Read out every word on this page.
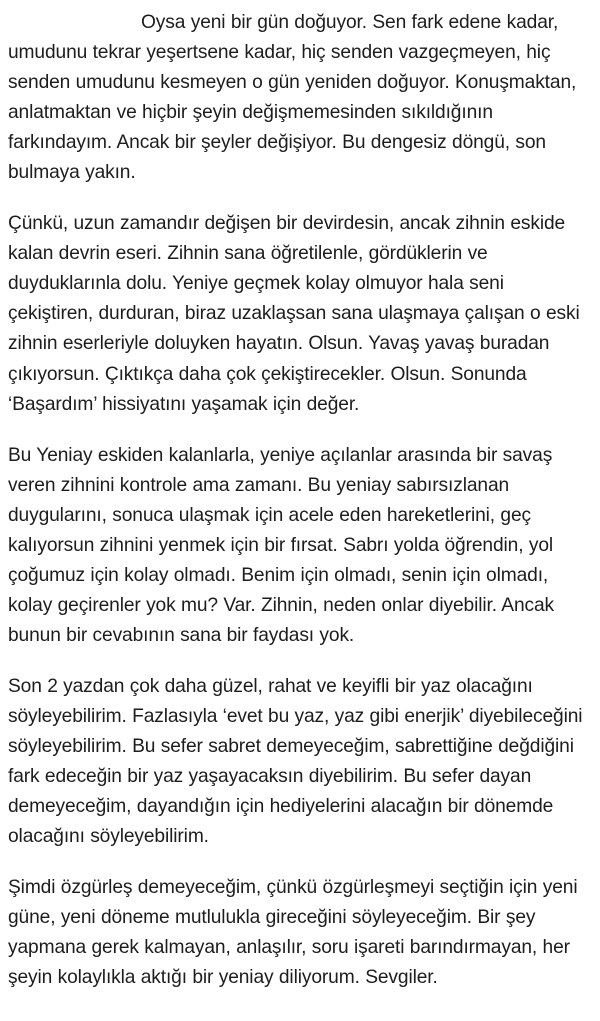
Oysa yeni bir gün doğuyor. Sen fark edene kadar, umudunu tekrar yeşertsene kadar, hiç senden vazgeçmeyen, hiç senden umudunu kesmeyen o gün yeniden doğuyor. Konuşmaktan, anlatmaktan ve hiçbir şeyin değişmemesinden sıkıldığının farkındayım. Ancak bir şeyler değişiyor. Bu dengesiz döngü, son bulmaya yakın.

Çünkü, uzun zamandır değişen bir devirdesin, ancak zihnin eskide kalan devrin eseri. Zihnin sana öğretilenle, gördüklerin ve duyduklarınla dolu. Yeniye geçmek kolay olmuyor hala seni çekiştiren, durduran, biraz uzaklaşsan sana ulaşmaya çalışan o eski zihnin eserleriyle doluyken hayatın. Olsun. Yavaş yavaş buradan çıkıyorsun. Çıktıkça daha çok çekiştirecekler. Olsun. Sonunda ‘Başardım’ hissiyatını yaşamak için değer.

Bu Yeniay eskiden kalanlarla, yeniye açılanlar arasında bir savaş veren zihnini kontrole ama zamanı. Bu yeniay sabırsızlanan duygularını, sonuca ulaşmak için acele eden hareketlerini, geç kalıyorsun zihnini yenmek için bir fırsat. Sabrı yolda öğrendin, yol çoğumuz için kolay olmadı. Benim için olmadı, senin için olmadı, kolay geçirenler yok mu? Var. Zihnin, neden onlar diyebilir. Ancak bunun bir cevabının sana bir faydası yok.

Son 2 yazdan çok daha güzel, rahat ve keyifli bir yaz olacağını söyleyebilirim. Fazlasıyla ‘evet bu yaz, yaz gibi enerjik’ diyebileceğini söyleyebilirim. Bu sefer sabret demeyeceğim, sabrettiğine değdiğini fark edeceğin bir yaz yaşayacaksın diyebilirim. Bu sefer dayan demeyeceğim, dayandığın için hediyelerini alacağın bir dönemde olacağını söyleyebilirim.

Şimdi özgürleş demeyeceğim, çünkü özgürleşmeyi seçtiğin için yeni güne, yeni döneme mutlulukla gireceğini söyleyeceğim. Bir şey yapmana gerek kalmayan, anlaşılır, soru işareti barındırmayan, her şeyin kolaylıkla aktığı bir yeniay diliyorum. Sevgiler.
